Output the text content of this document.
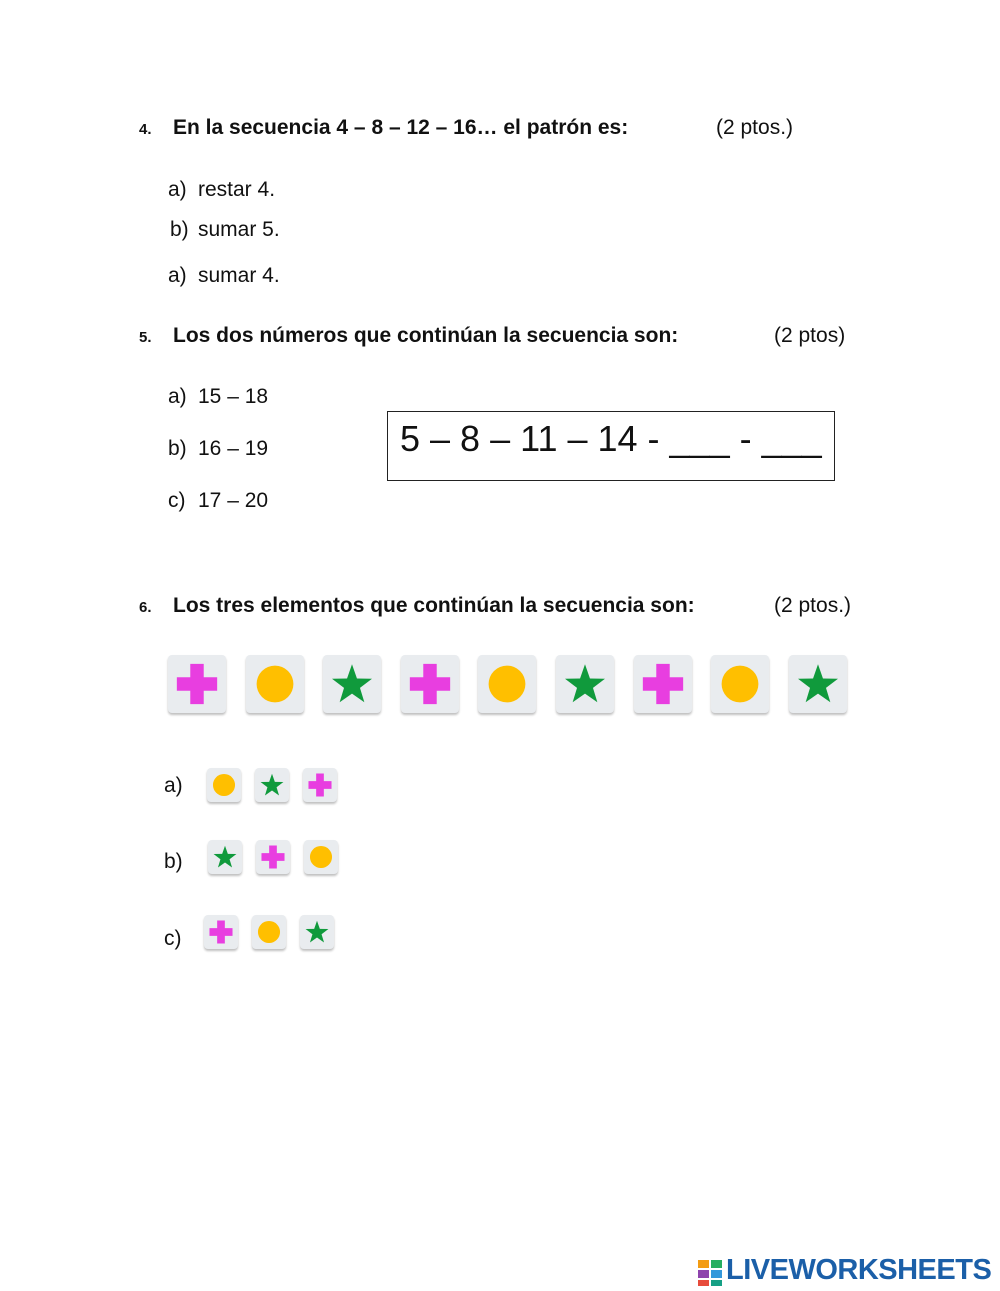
4. En la secuencia 4 – 8 – 12 – 16… el patrón es:	(2 ptos.)
a) restar 4.
b) sumar 5.
a) sumar 4.
5. Los dos números que continúan la secuencia son:	(2 ptos)
a) 15 – 18
b) 16 – 19
c) 17 – 20
5 – 8 – 11 – 14 - ___ - ___
6. Los tres elementos que continúan la secuencia son:	(2 ptos.)
a)
b)
c)
LIVEWORKSHEETS
